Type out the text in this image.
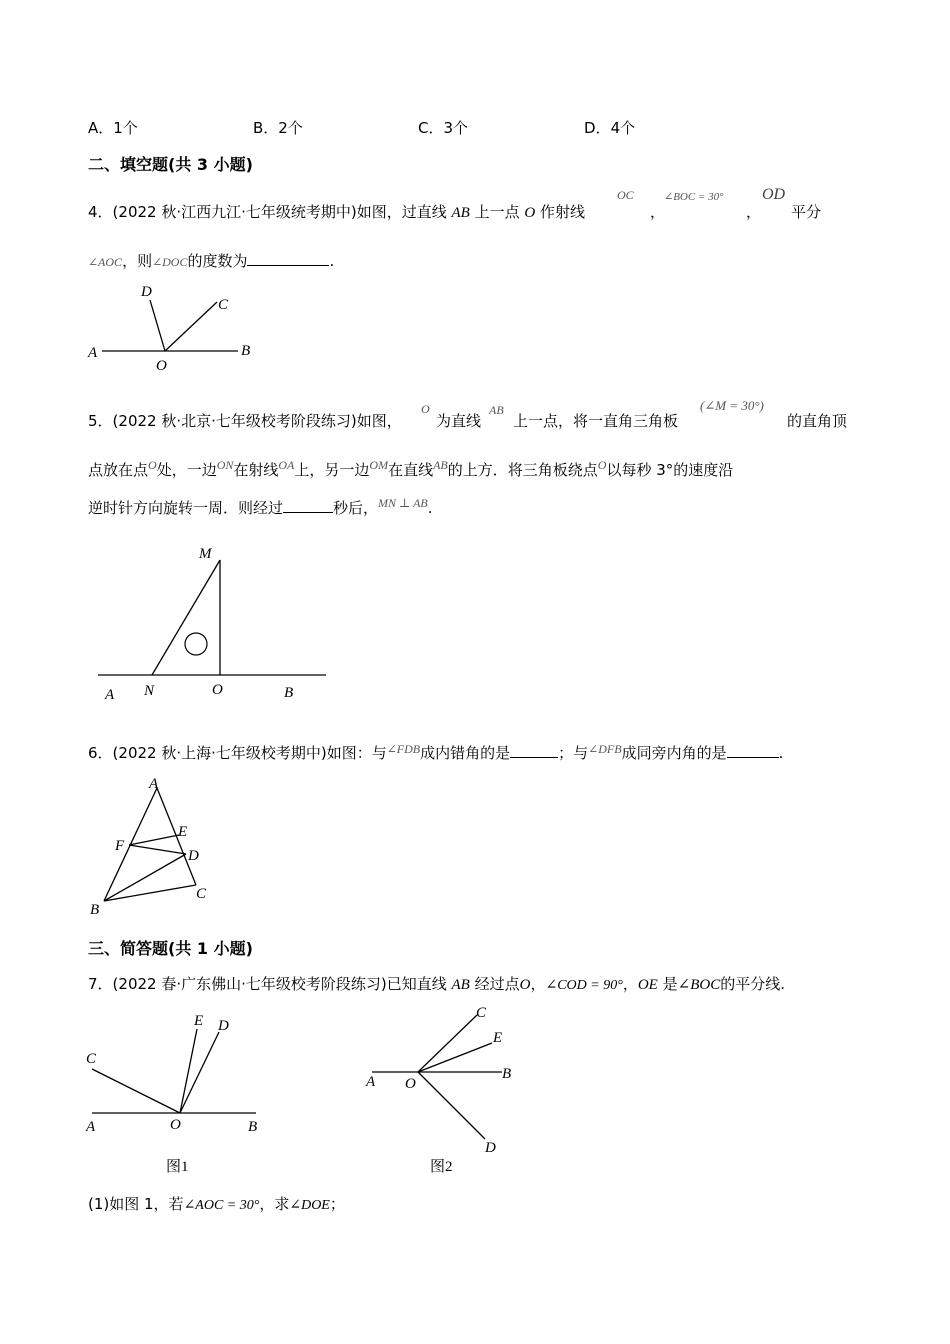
A．1个	B．2个	C．3个	D．4个
二、填空题(共 3 小题)
4．(2022 秋·江西九江·七年级统考期中)如图，过直线 AB 上一点 O 作射线
OC
，
∠BOC = 30°
，
OD
平分
∠AOC，则∠DOC的度数为	.
D
C
A
O
B
5．(2022 秋·北京·七年级校考阶段练习)如图，
O
为直线
AB
上一点，将一直角三角板
(∠M = 30°)
的直角顶
点放在点$^O$处，一边$^{ON}$在射线$^{OA}$上，另一边$^{OM}$在直线$^{AB}$的上方．将三角板绕点$^O$以每秒 3°的速度沿
逆时针方向旋转一周．则经过	秒后，$^{MN \perp AB}$.
M
A N	O	B
6．(2022 秋·上海·七年级校考期中)如图：与$^{\angle FDB}$成内错角的是	；与$^{\angle DFB}$成同旁内角的是	.
A
E
F
D
B
C
三、简答题(共 1 小题)
7．(2022 春·广东佛山·七年级校考阶段练习)已知直线 AB 经过点O，∠COD = 90°，OE 是∠BOC的平分线.
E D
C
A	O	B
图1
C
E
A O
B
D
图2
(1)如图 1，若∠AOC = 30°，求∠DOE；
